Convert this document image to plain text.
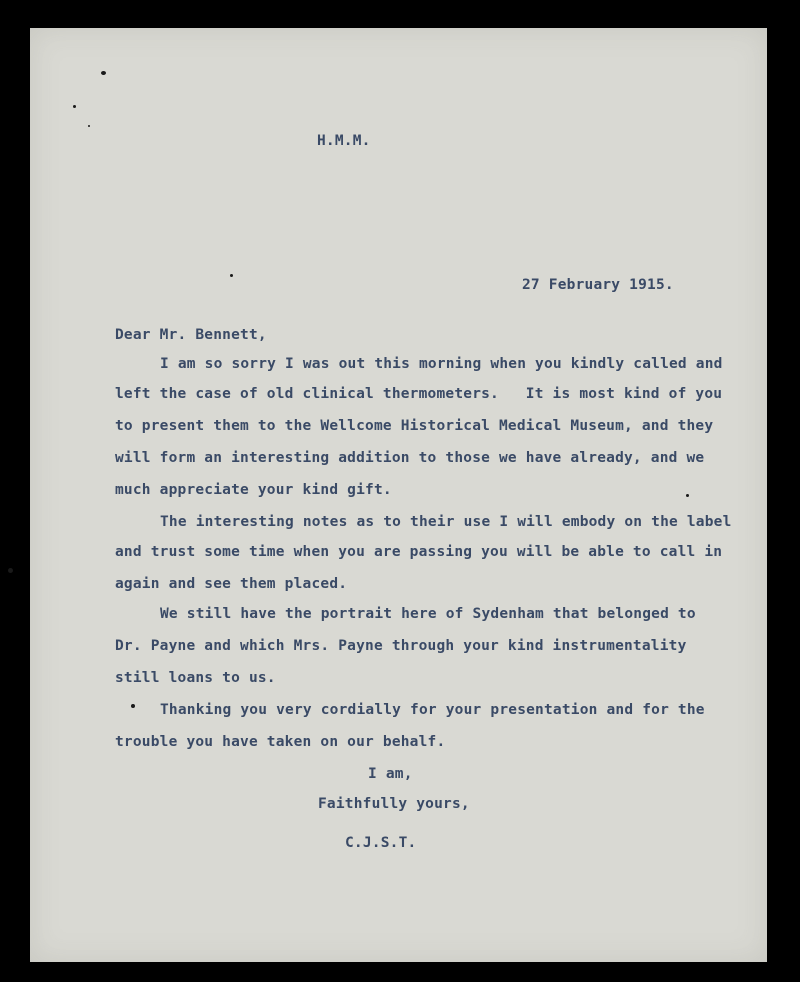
H.M.M.
27 February 1915.
Dear Mr. Bennett,
I am so sorry I was out this morning when you kindly called and
left the case of old clinical thermometers.   It is most kind of you
to present them to the Wellcome Historical Medical Museum, and they
will form an interesting addition to those we have already, and we
much appreciate your kind gift.
The interesting notes as to their use I will embody on the label
and trust some time when you are passing you will be able to call in
again and see them placed.
We still have the portrait here of Sydenham that belonged to
Dr. Payne and which Mrs. Payne through your kind instrumentality
still loans to us.
Thanking you very cordially for your presentation and for the
trouble you have taken on our behalf.
I am,
Faithfully yours,
C.J.S.T.
